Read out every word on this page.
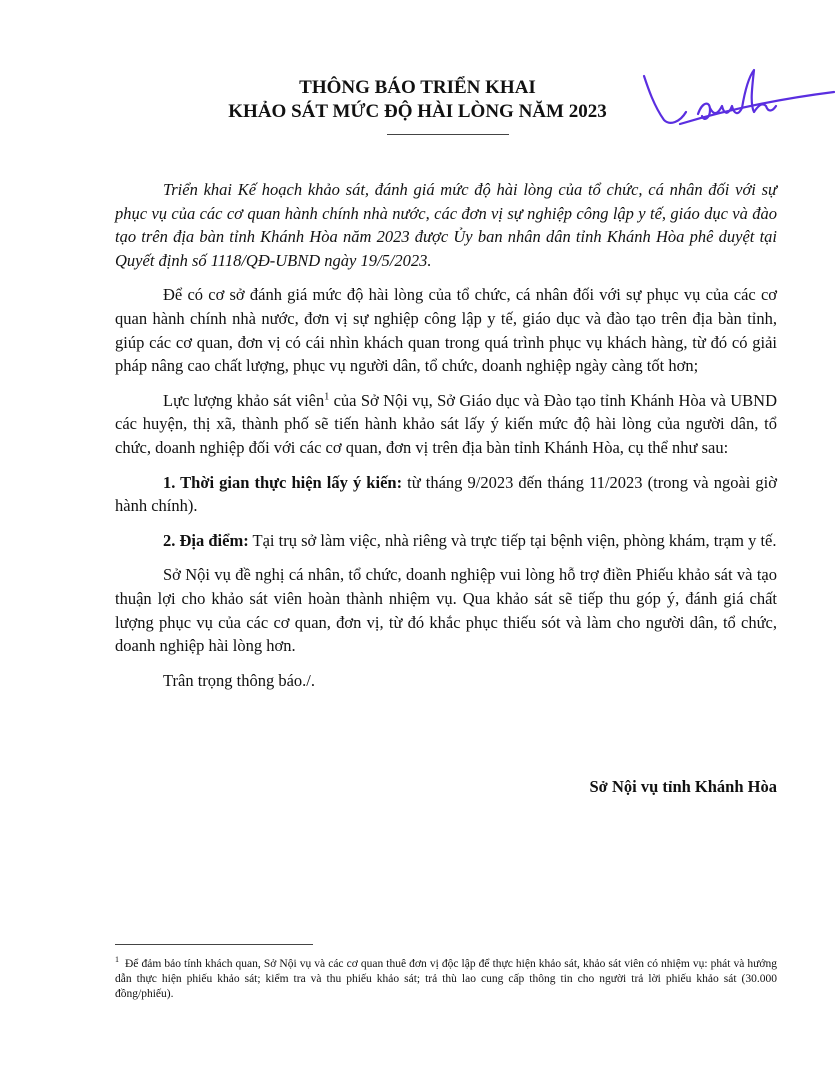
THÔNG BÁO TRIỂN KHAI
KHẢO SÁT MỨC ĐỘ HÀI LÒNG NĂM 2023

Triển khai Kế hoạch khảo sát, đánh giá mức độ hài lòng của tổ chức, cá nhân đối với sự phục vụ của các cơ quan hành chính nhà nước, các đơn vị sự nghiệp công lập y tế, giáo dục và đào tạo trên địa bàn tỉnh Khánh Hòa năm 2023 được Ủy ban nhân dân tỉnh Khánh Hòa phê duyệt tại Quyết định số 1118/QĐ-UBND ngày 19/5/2023.

Để có cơ sở đánh giá mức độ hài lòng của tổ chức, cá nhân đối với sự phục vụ của các cơ quan hành chính nhà nước, đơn vị sự nghiệp công lập y tế, giáo dục và đào tạo trên địa bàn tỉnh, giúp các cơ quan, đơn vị có cái nhìn khách quan trong quá trình phục vụ khách hàng, từ đó có giải pháp nâng cao chất lượng, phục vụ người dân, tổ chức, doanh nghiệp ngày càng tốt hơn;

Lực lượng khảo sát viên$^1$ của Sở Nội vụ, Sở Giáo dục và Đào tạo tỉnh Khánh Hòa và UBND các huyện, thị xã, thành phố sẽ tiến hành khảo sát lấy ý kiến mức độ hài lòng của người dân, tổ chức, doanh nghiệp đối với các cơ quan, đơn vị trên địa bàn tỉnh Khánh Hòa, cụ thể như sau:

1. Thời gian thực hiện lấy ý kiến: từ tháng 9/2023 đến tháng 11/2023 (trong và ngoài giờ hành chính).

2. Địa điểm: Tại trụ sở làm việc, nhà riêng và trực tiếp tại bệnh viện, phòng khám, trạm y tế.

Sở Nội vụ đề nghị cá nhân, tổ chức, doanh nghiệp vui lòng hỗ trợ điền Phiếu khảo sát và tạo thuận lợi cho khảo sát viên hoàn thành nhiệm vụ. Qua khảo sát sẽ tiếp thu góp ý, đánh giá chất lượng phục vụ của các cơ quan, đơn vị, từ đó khắc phục thiếu sót và làm cho người dân, tổ chức, doanh nghiệp hài lòng hơn.

Trân trọng thông báo./.

Sở Nội vụ tỉnh Khánh Hòa
$^1$ Để đảm bảo tính khách quan, Sở Nội vụ và các cơ quan thuê đơn vị độc lập để thực hiện khảo sát, khảo sát viên có nhiệm vụ: phát và hướng dẫn thực hiện phiếu khảo sát; kiểm tra và thu phiếu khảo sát; trả thù lao cung cấp thông tin cho người trả lời phiếu khảo sát (30.000 đồng/phiếu).
